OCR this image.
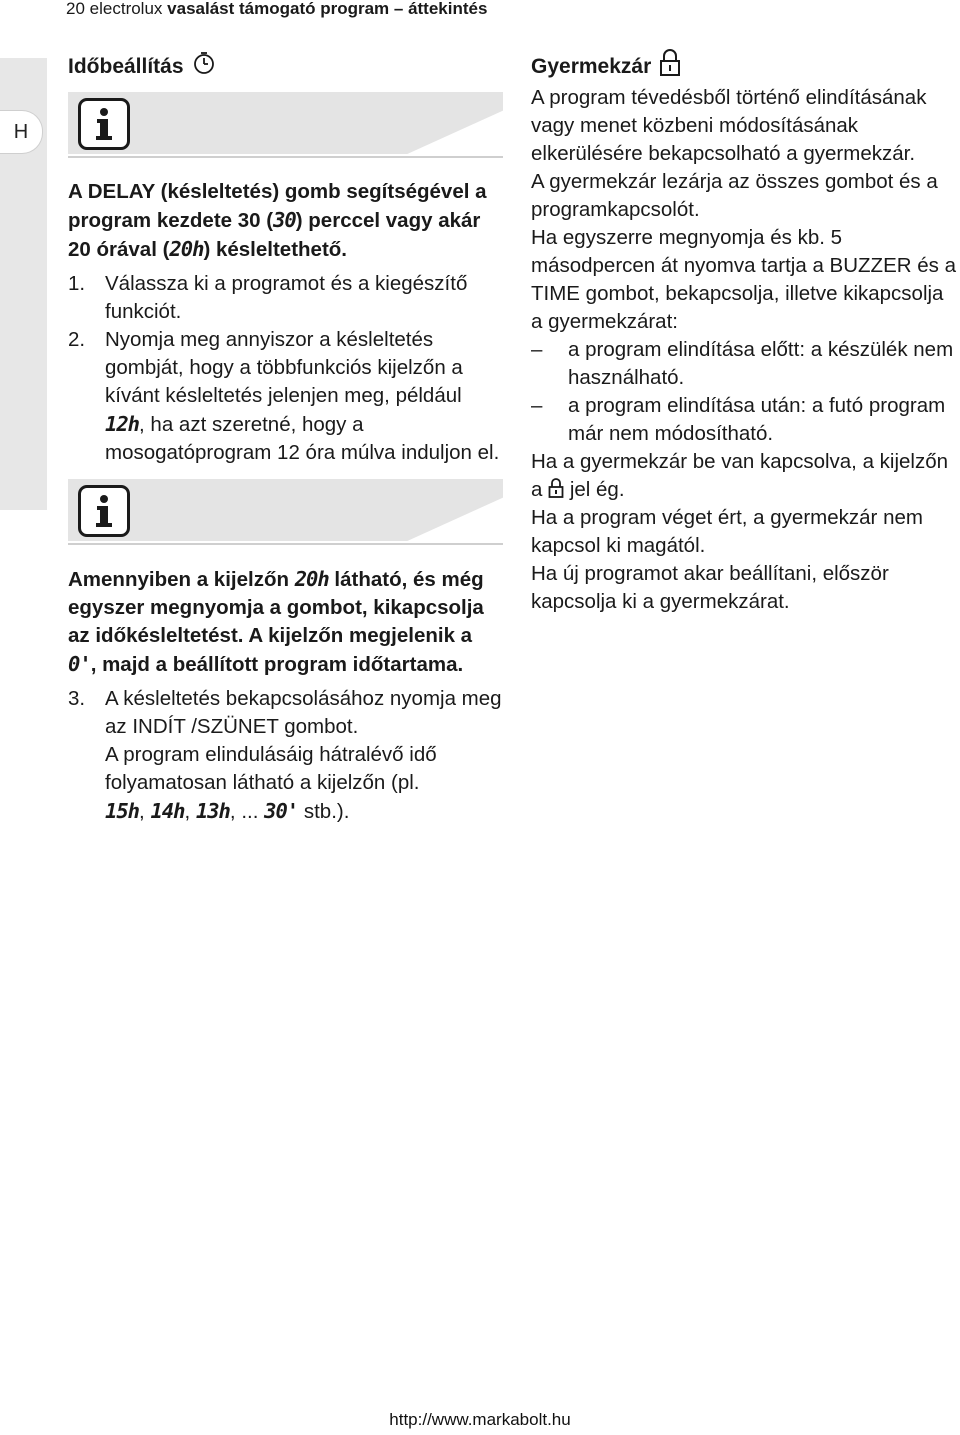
20 electrolux vasalást támogató program – áttekintés
H
Időbeállítás

A DELAY (késleltetés) gomb segítségével a program kezdete 30 (30) perccel vagy akár 20 órával (20h) késleltethető.

1. Válassza ki a programot és a kiegészítő funkciót.
2. Nyomja meg annyiszor a késleltetés gombját, hogy a többfunkciós kijelzőn a kívánt késleltetés jelenjen meg, például 12h, ha azt szeretné, hogy a mosogatóprogram 12 óra múlva induljon el.

Amennyiben a kijelzőn 20h látható, és még egyszer megnyomja a gombot, kikapcsolja az időkésleltetést. A kijelzőn megjelenik a 0', majd a beállított program időtartama.

3. A késleltetés bekapcsolásához nyomja meg az INDÍT /SZÜNET gombot.
A program elindulásáig hátralévő idő folyamatosan látható a kijelzőn (pl.
15h, 14h, 13h, ... 30' stb.).
Gyermekzár

A program tévedésből történő elindításának vagy menet közbeni módosításának elkerülésére bekapcsolható a gyermekzár.

A gyermekzár lezárja az összes gombot és a programkapcsolót.

Ha egyszerre megnyomja és kb. 5 másodpercen át nyomva tartja a BUZZER és a TIME gombot, bekapcsolja, illetve kikapcsolja a gyermekzárat:

–	a program elindítása előtt: a készülék nem használható.
–	a program elindítása után: a futó program már nem módosítható.

Ha a gyermekzár be van kapcsolva, a kijelzőn a jel ég.

Ha a program véget ért, a gyermekzár nem kapcsol ki magától.

Ha új programot akar beállítani, először kapcsolja ki a gyermekzárat.

http://www.markabolt.hu
